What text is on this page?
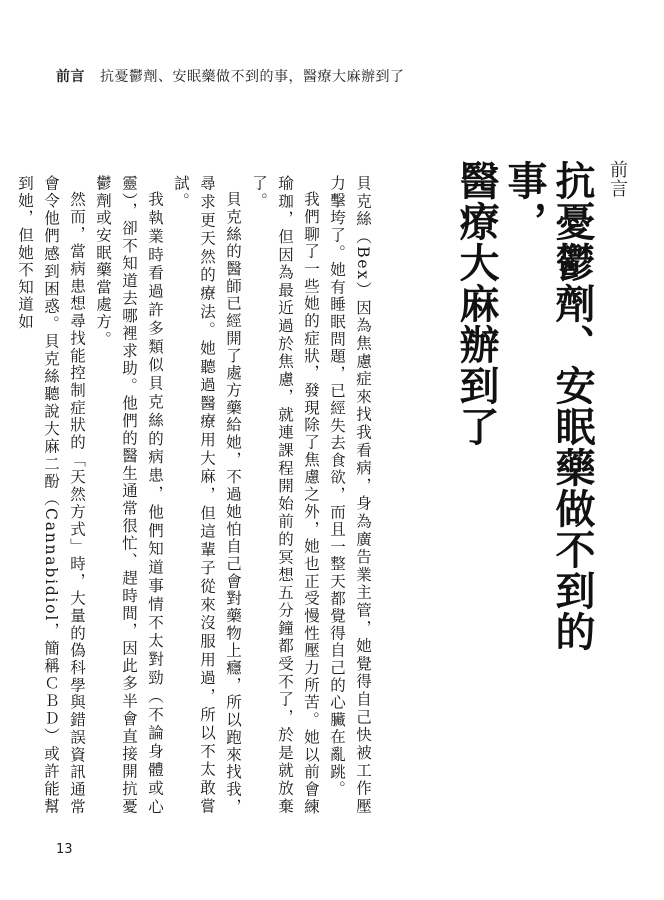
前言 抗憂鬱劑、安眠藥做不到的事，醫療大麻辦到了
前言
抗憂鬱劑、安眠藥做不到的事，
醫療大麻辦到了

貝克絲（Bex）因為焦慮症來找我看病，身為廣告業主管，她覺得自己快被工作壓力擊垮了。她有睡眠問題，已經失去食欲，而且一整天都覺得自己的心臟在亂跳。

我們聊了一些她的症狀，發現除了焦慮之外，她也正受慢性壓力所苦。她以前會練瑜珈，但因為最近過於焦慮，就連課程開始前的冥想五分鐘都受不了，於是就放棄了。

貝克絲的醫師已經開了處方藥給她，不過她怕自己會對藥物上癮，所以跑來找我，尋求更天然的療法。她聽過醫療用大麻，但這輩子從來沒服用過，所以不太敢嘗試。

我執業時看過許多類似貝克絲的病患，他們知道事情不太對勁（不論身體或心靈），卻不知道去哪裡求助。他們的醫生通常很忙、趕時間，因此多半會直接開抗憂鬱劑或安眠藥當處方。

然而，當病患想尋找能控制症狀的「天然方式」時，大量的偽科學與錯誤資訊通常會令他們感到困惑。貝克絲聽說大麻二酚（Cannabidiol，簡稱ＣＢＤ）或許能幫到她，但她不知道如

13
